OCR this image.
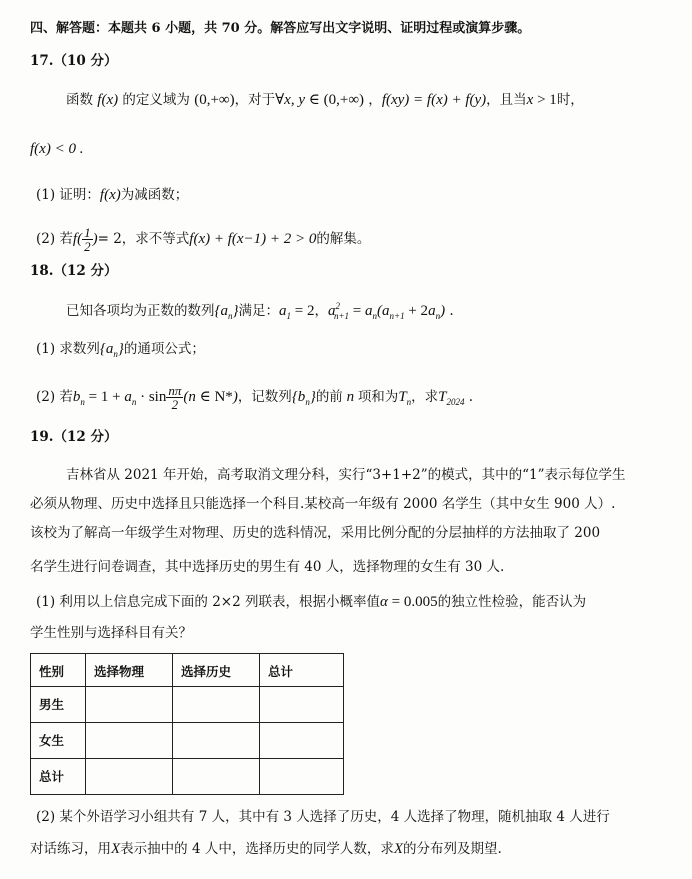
四、解答题：本题共 6 小题，共 70 分。解答应写出文字说明、证明过程或演算步骤。
17.（10 分）
函数 f(x) 的定义域为 (0,+∞)，对于∀x, y ∈ (0,+∞) ，f(xy) = f(x) + f(y)，且当x > 1时，
f(x) < 0 .
(1) 证明：f(x)为减函数；
(2) 若$f( \frac{1}{2}$ )= 2，求不等式f(x) + f(x−1) + 2 > 0的解集。
18.（12 分）
已知各项均为正数的数列$\{a_n\}$满足：$a_1 = 2$，$a^2_{n+1} = a_n(a_{n+1} + 2a_n)$ .
(1) 求数列$\{a_n\}$的通项公式；
(2) 若$b_n = 1 + a_n \cdot \sin \frac{n\pi}{2} (n$ ∈ N*)，记数列$\{b_n\}$的前 n 项和为$T_n$，求$T_{2024}$ .
19.（12 分）
吉林省从 2021 年开始，高考取消文理分科，实行“3+1+2”的模式，其中的“1”表示每位学生
必须从物理、历史中选择且只能选择一个科目.某校高一年级有 2000 名学生（其中女生 900 人）.
该校为了解高一年级学生对物理、历史的选科情况，采用比例分配的分层抽样的方法抽取了 200
名学生进行问卷调查，其中选择历史的男生有 40 人，选择物理的女生有 30 人.
(1) 利用以上信息完成下面的 2×2 列联表，根据小概率值α = 0.005的独立性检验，能否认为
学生性别与选择科目有关？
性别	选择物理	选择历史	总计
男生			
女生			
总计			
(2) 某个外语学习小组共有 7 人，其中有 3 人选择了历史，4 人选择了物理，随机抽取 4 人进行
对话练习，用X表示抽中的 4 人中，选择历史的同学人数，求X的分布列及期望.
